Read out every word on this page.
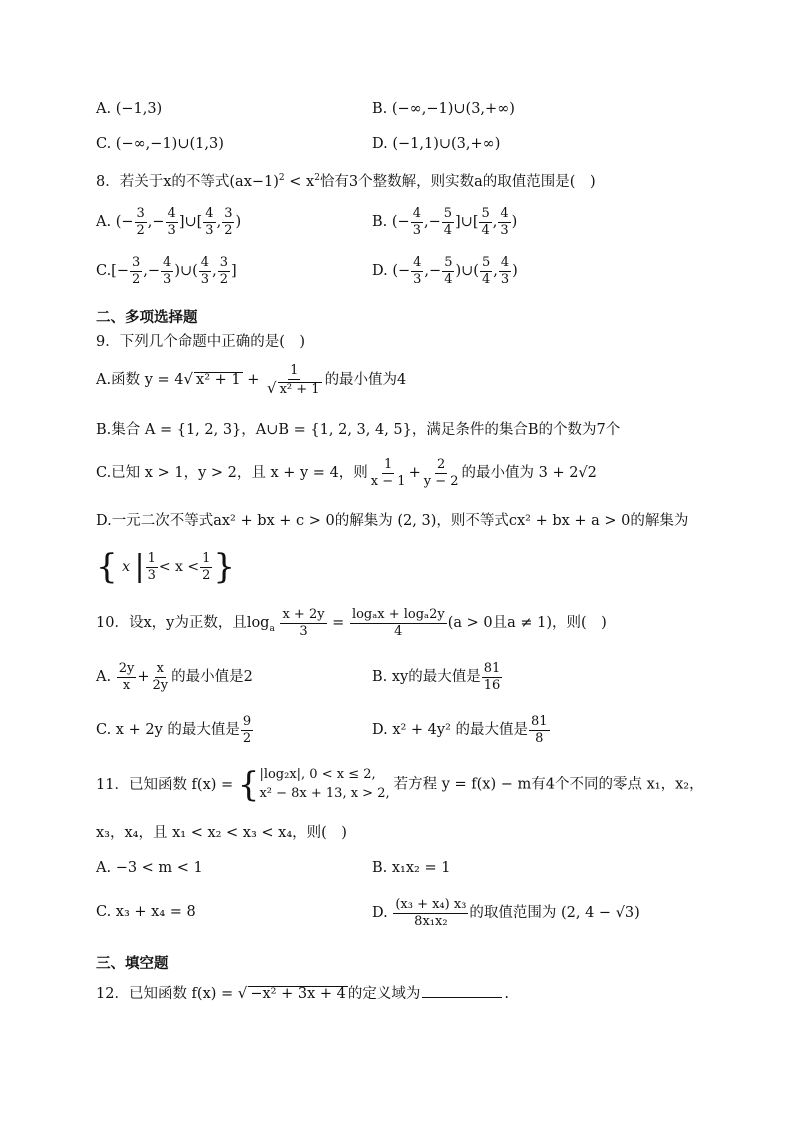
A. (−1,3)	B. (−∞,−1)∪(3,+∞)
C. (−∞,−1)∪(1,3)	D. (−1,1)∪(3,+∞)
8．若关于x的不等式$(ax-1)^2 < x^2$恰有3个整数解，则实数a的取值范围是( )
A. (− $\frac{3}{2}$ ,− $\frac{4}{3}$ ]∪[ $\frac{4}{3}$ , $\frac{3}{2}$ )	B. (− $\frac{4}{3}$ ,− $\frac{5}{4}$ ]∪[ $\frac{5}{4}$ , $\frac{4}{3}$ )
$C.[- \frac{3}{2}$ ,− $\frac{4}{3}$ )∪( $\frac{4}{3}$ , $\frac{3}{2}$ ]	D. (− $\frac{4}{3}$ ,− $\frac{5}{4}$ )∪( $\frac{5}{4}$ , $\frac{4}{3}$ )
二、多项选择题
9．下列几个命题中正确的是( )
A.函数 y = 4√ $x^2 + 1 + \frac{1}{\text{√ x² + 1}}$ 的最小值为4
B.集合 A = {1, 2, 3}，A∪B = {1, 2, 3, 4, 5}，满足条件的集合B的个数为7个
C.已知 x > 1，y > 2，且 x + y = 4，则 $\frac{1}{x - 1} + \frac{2}{y - 2}$ 的最小值为 3 + 2√2
D.一元二次不等式ax² + bx + c > 0的解集为 (2, 3)，则不等式cx² + bx + a > 0的解集为
{
x
| $\frac{1}{3} < x < \frac{1}{2}$ }
10．设x，y为正数，且$\log_a \frac{x + 2y}{3} = \frac{\text{logₐx + logₐ2y}}{4} (a > 0$且a ≠ 1)，则( )
A. $\frac{2y}{x} + \frac{x}{2y}$ 的最小值是2	B. xy的最大值是 $\frac{81}{16}$
C. x + 2y 的最大值是 $\frac{9}{2}$	D. x² + 4y² 的最大值是 $\frac{81}{8}$
11．已知函数 f(x) =
{ |log₂x|, 0 < x ≤ 2,
x² − 8x + 13, x > 2,
若方程 y = f(x) − m有4个不同的零点 x₁，x₂，
x₃，x₄，且 x₁ < x₂ < x₃ < x₄，则( )
A. −3 < m < 1	B. x₁x₂ = 1
C. x₃ + x₄ = 8	D. $\frac{\text{(x₃ + x₄) x₃}}{\text{8x₁x₂}}$ 的取值范围为 (2, 4 − √3)
三、填空题
12．已知函数 f(x) = √ −x² + 3x + 4 的定义域为	.
